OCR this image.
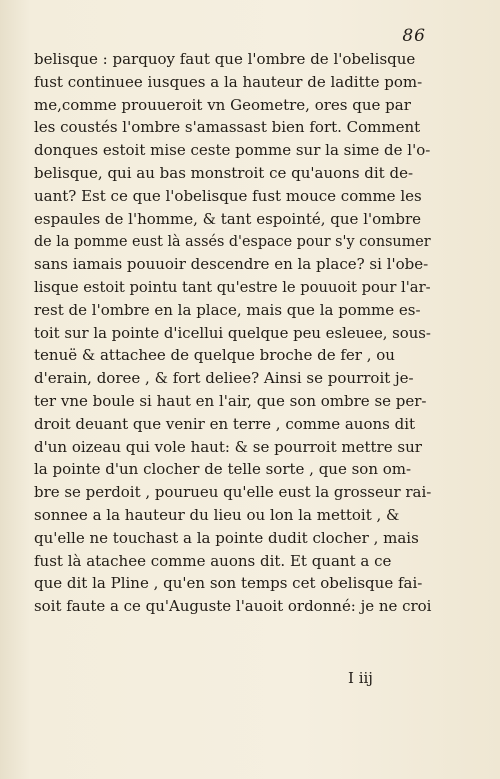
86
belisque : parquoy faut que l'ombre de l'obelisque
fust continuee iusques a la hauteur de laditte pom-
me,comme prouueroit vn Geometre, ores que par
les coustés l'ombre s'amassast bien fort. Comment
donques estoit mise ceste pomme sur la sime de l'o-
belisque, qui au bas monstroit ce qu'auons dit de-
uant? Est ce que l'obelisque fust mouce comme les
espaules de l'homme, & tant espointé, que l'ombre
de la pomme eust là assés d'espace pour s'y consumer
sans iamais pouuoir descendre en la place? si l'obe-
lisque estoit pointu tant qu'estre le pouuoit pour l'ar-
rest de l'ombre en la place, mais que la pomme es-
toit sur la pointe d'icellui quelque peu esleuee, sous-
tenuë & attachee de quelque broche de fer , ou
d'erain, doree , & fort deliee? Ainsi se pourroit je-
ter vne boule si haut en l'air, que son ombre se per-
droit deuant que venir en terre , comme auons dit
d'un oizeau qui vole haut: & se pourroit mettre sur
la pointe d'un clocher de telle sorte , que son om-
bre se perdoit , pourueu qu'elle eust la grosseur rai-
sonnee a la hauteur du lieu ou lon la mettoit , &
qu'elle ne touchast a la pointe dudit clocher , mais
fust là atachee comme auons dit. Et quant a ce
que dit la Pline , qu'en son temps cet obelisque fai-
soit faute a ce qu'Auguste l'auoit ordonné: je ne croi
I iij
